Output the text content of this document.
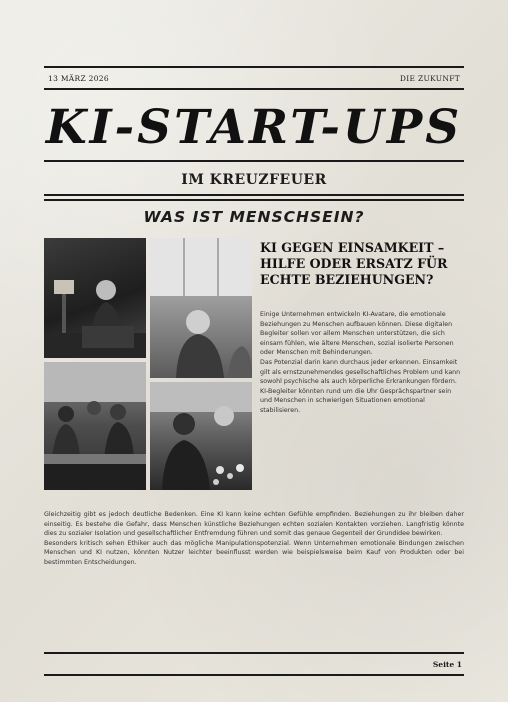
13 MÄRZ 2026	DIE ZUKUNFT
KI-START-UPS
IM KREUZFEUER
WAS IST MENSCHSEIN?
KI GEGEN EINSAMKEIT – HILFE ODER ERSATZ FÜR ECHTE BEZIEHUNGEN?

Einige Unternehmen entwickeln KI-Avatare, die emotionale Beziehungen zu Menschen aufbauen können. Diese digitalen Begleiter sollen vor allem Menschen unterstützen, die sich einsam fühlen, wie ältere Menschen, sozial isolierte Personen oder Menschen mit Behinderungen.

Das Potenzial darin kann durchaus jeder erkennen. Einsamkeit gilt als ernstzunehmendes gesellschaftliches Problem und kann sowohl psychische als auch körperliche Erkrankungen fördern. KI-Begleiter könnten rund um die Uhr Gesprächspartner sein und Menschen in schwierigen Situationen emotional stabilisieren.

Gleichzeitig gibt es jedoch deutliche Bedenken. Eine KI kann keine echten Gefühle empfinden. Beziehungen zu ihr bleiben daher einseitig. Es bestehe die Gefahr, dass Menschen künstliche Beziehungen echten sozialen Kontakten vorziehen. Langfristig könnte dies zu sozialer Isolation und gesellschaftlicher Entfremdung führen und somit das genaue Gegenteil der Grundidee bewirken.

Besonders kritisch sehen Ethiker auch das mögliche Manipulationspotenzial. Wenn Unternehmen emotionale Bindungen zwischen Menschen und KI nutzen, könnten Nutzer leichter beeinflusst werden wie beispielsweise beim Kauf von Produkten oder bei bestimmten Entscheidungen.

Seite 1
